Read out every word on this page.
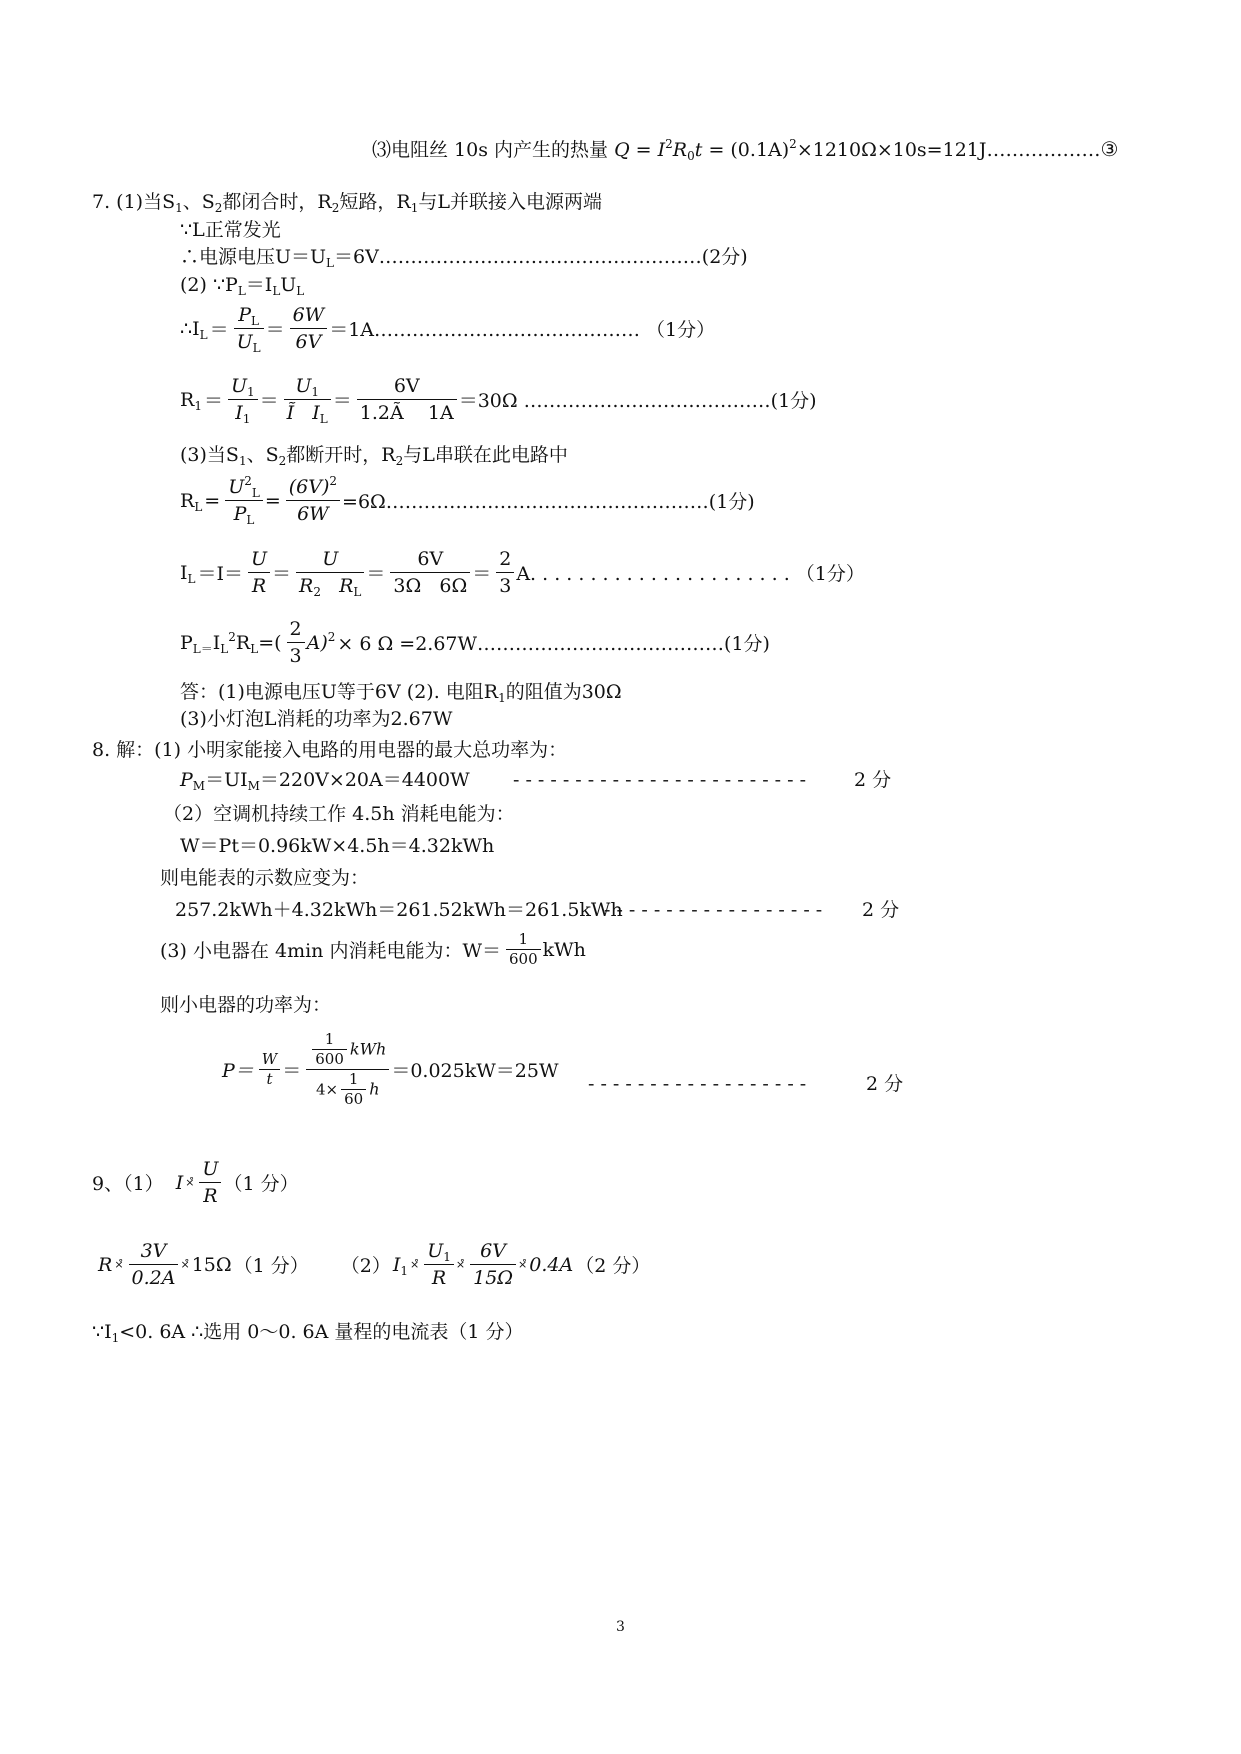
⑶电阻丝 10s 内产生的热量 $Q = I^2R_0t$ = $(0.1A)^2\times 1210\Omega\times 10s=121J\dots\dots\dots\dots\dots\dots ③$
7. (1)当$S_1$、$S_2$都闭合时，$R_2$短路，$R_1$与L并联接入电源两端
∵L正常发光
∴电源电压$U=U_L=6V\dots\dots\dots\dots\dots\dots\dots\dots\dots\dots\dots\dots\dots\dots\dots\dots\dots(2$分)
(2) $\because P_L=I_LU_L$
$\therefore I_L = \frac{P_L}{U_L} = \frac{6W}{6V}$ ＝1A…………………………………… （1分）
$R_1 = \frac{U_1}{I_1} = \frac{U_1}{Ĩ I_L} = \frac{6V}{1.2Ã 1A} =30\Omega$ …………………………………(1分)
(3)当$S_1$、$S_2$都断开时，$R_2$与L串联在此电路中
$R_L = \frac{U^2_L}{P_L} = \frac{(6V)^2}{6W}$ =6Ω……………………………………………(1分)
$I_L =I= \frac{U}{R} = \frac{U}{R_2 R_L} = \frac{6V}{3\Omega 6\Omega} = \frac{2}{3} A$. . . . . . . . . . . . . . . . . . . . . . （1分）
$P_{L=}I_L^2R_L=( \frac{2}{3} A)^2 \times 6$ Ω =2.67W…………………………………(1分)
答：(1)电源电压U等于6V (2). 电阻$R_1$的阻值为30Ω
(3)小灯泡L消耗的功率为2.67W
8. 解：(1) 小明家能接入电路的用电器的最大总功率为：
$P_M=UI_M=220V\times 20A=4400W$ - - - - - - - - - - - - - - - - - - - - - - - -	2 分
（2）空调机持续工作 4.5h 消耗电能为：
W＝Pt＝0.96kW×4.5h＝4.32kWh
则电能表的示数应变为：
257.2kWh＋4.32kWh＝261.52kWh＝261.5kWh
- - - - - - - - - - - - - - - - - - 2 分
(3) 小电器在 4min 内消耗电能为：$W= \frac{1}{600}$ kWh
则小电器的功率为：
$P= \frac{W}{t} = \frac{\frac{1}{600} kWh}{4\times \frac{1}{60} h} =0.025kW=25W$
- - - - - - - - - - - - - - - - - -	2 分
9、（1） I ×̊ $\frac{U}{R} (1$ 分）
R ×̊ $\frac{3V}{0.2A}$ ×̊ 15Ω （1 分） （2） $I_1$ ×̊ $\frac{U_1}{R}$ ×̊ $\frac{6V}{15\Omega}$ ×̊ 0.4A （2 分）
$\because I_1<0$. 6A ∴选用 0～0. 6A 量程的电流表（1 分）
3
